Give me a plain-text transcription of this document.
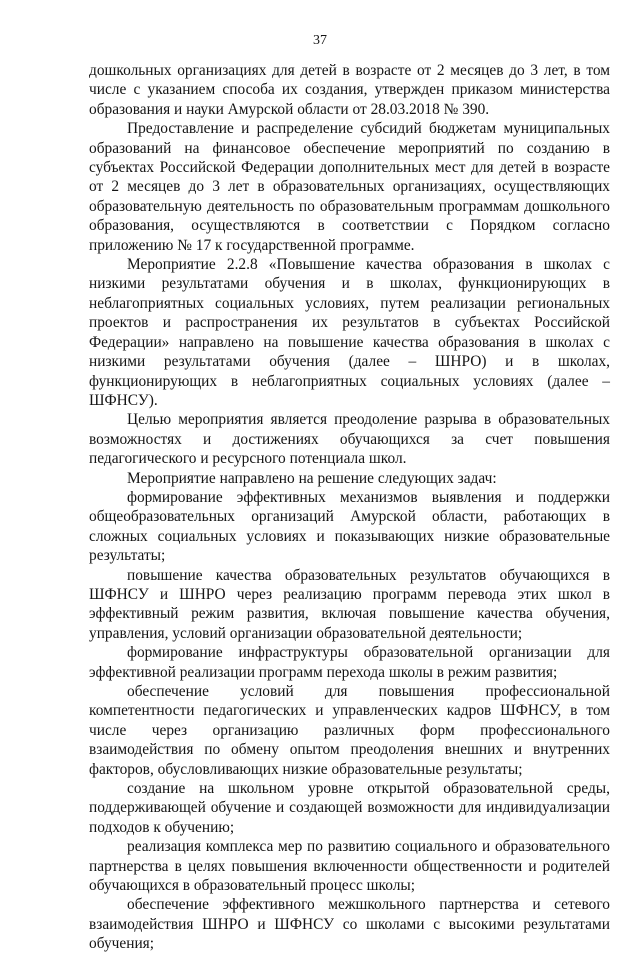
37

дошкольных организациях для детей в возрасте от 2 месяцев до 3 лет, в том числе с указанием способа их создания, утвержден приказом министерства образования и науки Амурской области от 28.03.2018 № 390.

Предоставление и распределение субсидий бюджетам муниципальных образований на финансовое обеспечение мероприятий по созданию в субъектах Российской Федерации дополнительных мест для детей в возрасте от 2 месяцев до 3 лет в образовательных организациях, осуществляющих образовательную деятельность по образовательным программам дошкольного образования, осуществляются в соответствии с Порядком согласно приложению № 17 к государственной программе.

Мероприятие 2.2.8 «Повышение качества образования в школах с низкими результатами обучения и в школах, функционирующих в неблагоприятных социальных условиях, путем реализации региональных проектов и распространения их результатов в субъектах Российской Федерации» направлено на повышение качества образования в школах с низкими результатами обучения (далее – ШНРО) и в школах, функционирующих в неблагоприятных социальных условиях (далее – ШФНСУ).

Целью мероприятия является преодоление разрыва в образовательных возможностях и достижениях обучающихся за счет повышения педагогического и ресурсного потенциала школ.

Мероприятие направлено на решение следующих задач:

формирование эффективных механизмов выявления и поддержки общеобразовательных организаций Амурской области, работающих в сложных социальных условиях и показывающих низкие образовательные результаты;

повышение качества образовательных результатов обучающихся в ШФНСУ и ШНРО через реализацию программ перевода этих школ в эффективный режим развития, включая повышение качества обучения, управления, условий организации образовательной деятельности;

формирование инфраструктуры образовательной организации для эффективной реализации программ перехода школы в режим развития;

обеспечение условий для повышения профессиональной компетентности педагогических и управленческих кадров ШФНСУ, в том числе через организацию различных форм профессионального взаимодействия по обмену опытом преодоления внешних и внутренних факторов, обусловливающих низкие образовательные результаты;

создание на школьном уровне открытой образовательной среды, поддерживающей обучение и создающей возможности для индивидуализации подходов к обучению;

реализация комплекса мер по развитию социального и образовательного партнерства в целях повышения включенности общественности и родителей обучающихся в образовательный процесс школы;

обеспечение эффективного межшкольного партнерства и сетевого взаимодействия ШНРО и ШФНСУ со школами с высокими результатами обучения;
